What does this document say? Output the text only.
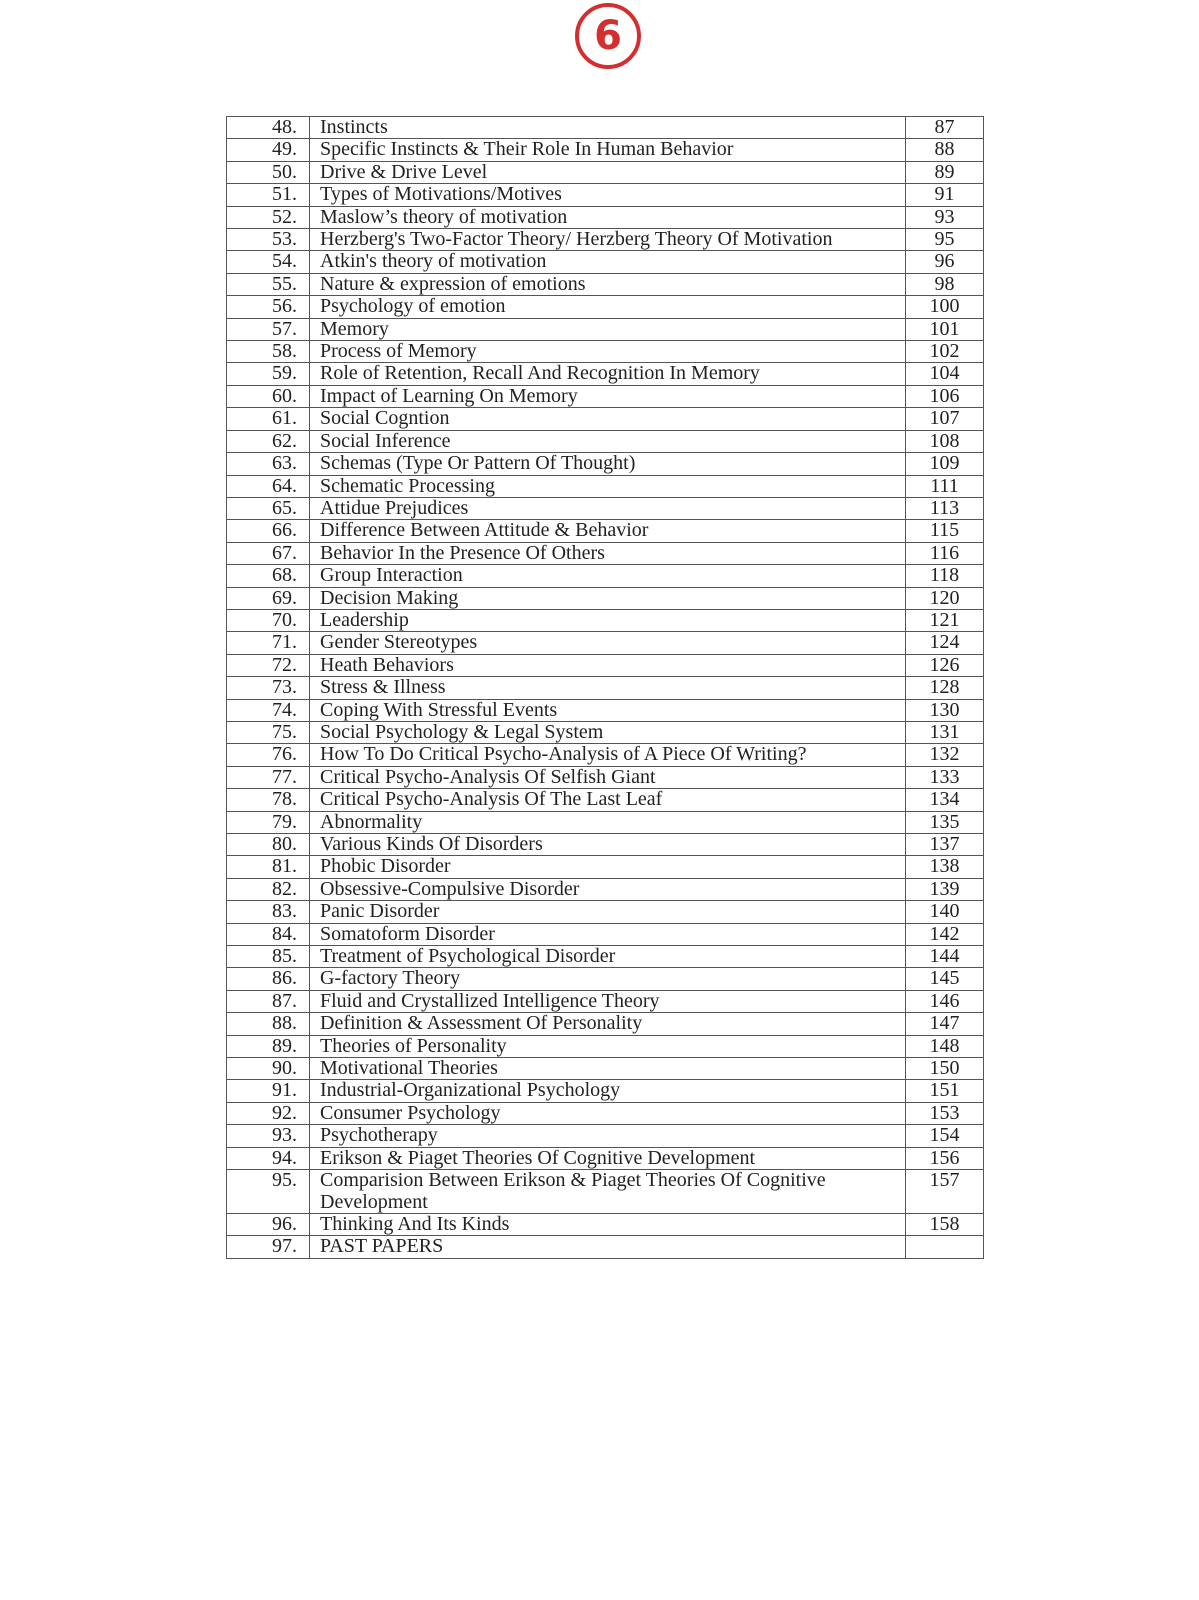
6
48.	Instincts	87
49.	Specific Instincts & Their Role In Human Behavior	88
50.	Drive & Drive Level	89
51.	Types of Motivations/Motives	91
52.	Maslow’s theory of motivation	93
53.	Herzberg's Two-Factor Theory/ Herzberg Theory Of Motivation	95
54.	Atkin's theory of motivation	96
55.	Nature & expression of emotions	98
56.	Psychology of emotion	100
57.	Memory	101
58.	Process of Memory	102
59.	Role of Retention, Recall And Recognition In Memory	104
60.	Impact of Learning On Memory	106
61.	Social Cogntion	107
62.	Social Inference	108
63.	Schemas (Type Or Pattern Of Thought)	109
64.	Schematic Processing	111
65.	Attidue Prejudices	113
66.	Difference Between Attitude & Behavior	115
67.	Behavior In the Presence Of Others	116
68.	Group Interaction	118
69.	Decision Making	120
70.	Leadership	121
71.	Gender Stereotypes	124
72.	Heath Behaviors	126
73.	Stress & Illness	128
74.	Coping With Stressful Events	130
75.	Social Psychology & Legal System	131
76.	How To Do Critical Psycho-Analysis of A Piece Of Writing?	132
77.	Critical Psycho-Analysis Of Selfish Giant	133
78.	Critical Psycho-Analysis Of The Last Leaf	134
79.	Abnormality	135
80.	Various Kinds Of Disorders	137
81.	Phobic Disorder	138
82.	Obsessive-Compulsive Disorder	139
83.	Panic Disorder	140
84.	Somatoform Disorder	142
85.	Treatment of Psychological Disorder	144
86.	G-factory Theory	145
87.	Fluid and Crystallized Intelligence Theory	146
88.	Definition & Assessment Of Personality	147
89.	Theories of Personality	148
90.	Motivational Theories	150
91.	Industrial-Organizational Psychology	151
92.	Consumer Psychology	153
93.	Psychotherapy	154
94.	Erikson & Piaget Theories Of Cognitive Development	156
95.	Comparision Between Erikson & Piaget Theories Of Cognitive Development	157
96.	Thinking And Its Kinds	158
97.	PAST PAPERS	
